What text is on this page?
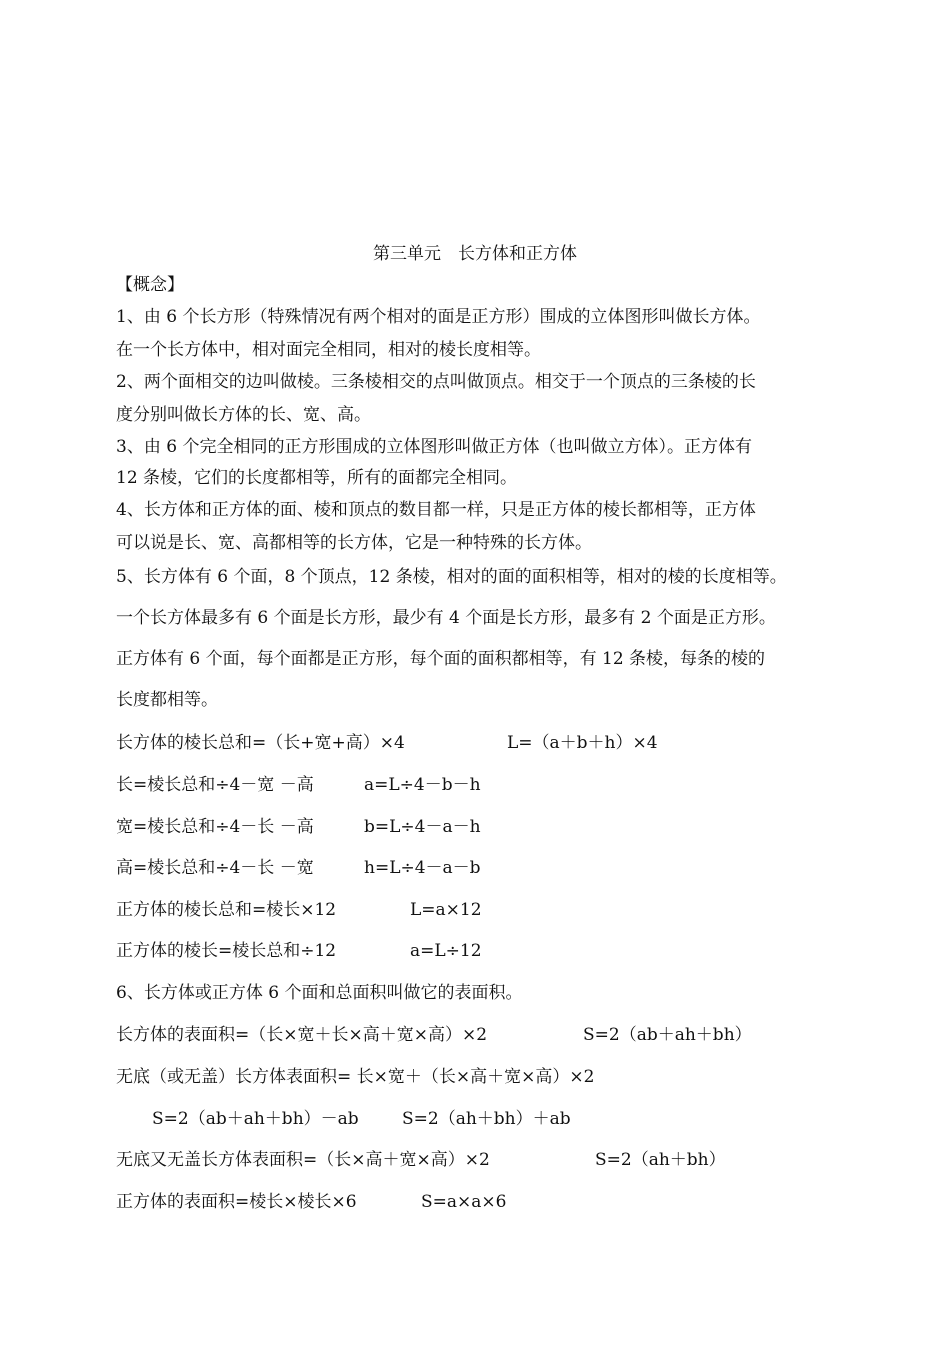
第三单元　长方体和正方体
【概念】
1、由 6 个长方形（特殊情况有两个相对的面是正方形）围成的立体图形叫做长方体。
在一个长方体中，相对面完全相同，相对的棱长度相等。
2、两个面相交的边叫做棱。三条棱相交的点叫做顶点。相交于一个顶点的三条棱的长
度分别叫做长方体的长、宽、高。
3、由 6 个完全相同的正方形围成的立体图形叫做正方体（也叫做立方体）。正方体有
12 条棱，它们的长度都相等，所有的面都完全相同。
4、长方体和正方体的面、棱和顶点的数目都一样，只是正方体的棱长都相等，正方体
可以说是长、宽、高都相等的长方体，它是一种特殊的长方体。
5、长方体有 6 个面，8 个顶点，12 条棱，相对的面的面积相等，相对的棱的长度相等。
一个长方体最多有 6 个面是长方形，最少有 4 个面是长方形，最多有 2 个面是正方形。
正方体有 6 个面，每个面都是正方形，每个面的面积都相等，有 12 条棱，每条的棱的
长度都相等。
长方体的棱长总和=（长+宽+高）×4	L=（a＋b＋h）×4
长=棱长总和÷4－宽 －高	a=L÷4－b－h
宽=棱长总和÷4－长 －高	b=L÷4－a－h
高=棱长总和÷4－长 －宽	h=L÷4－a－b
正方体的棱长总和=棱长×12	L=a×12
正方体的棱长=棱长总和÷12	a=L÷12
6、长方体或正方体 6 个面和总面积叫做它的表面积。
长方体的表面积=（长×宽＋长×高＋宽×高）×2	S=2（ab＋ah＋bh）
无底（或无盖）长方体表面积= 长×宽＋（长×高＋宽×高）×2
S=2（ab＋ah＋bh）－ab	S=2（ah＋bh）＋ab
无底又无盖长方体表面积=（长×高＋宽×高）×2	S=2（ah＋bh）
正方体的表面积=棱长×棱长×6	S=a×a×6
